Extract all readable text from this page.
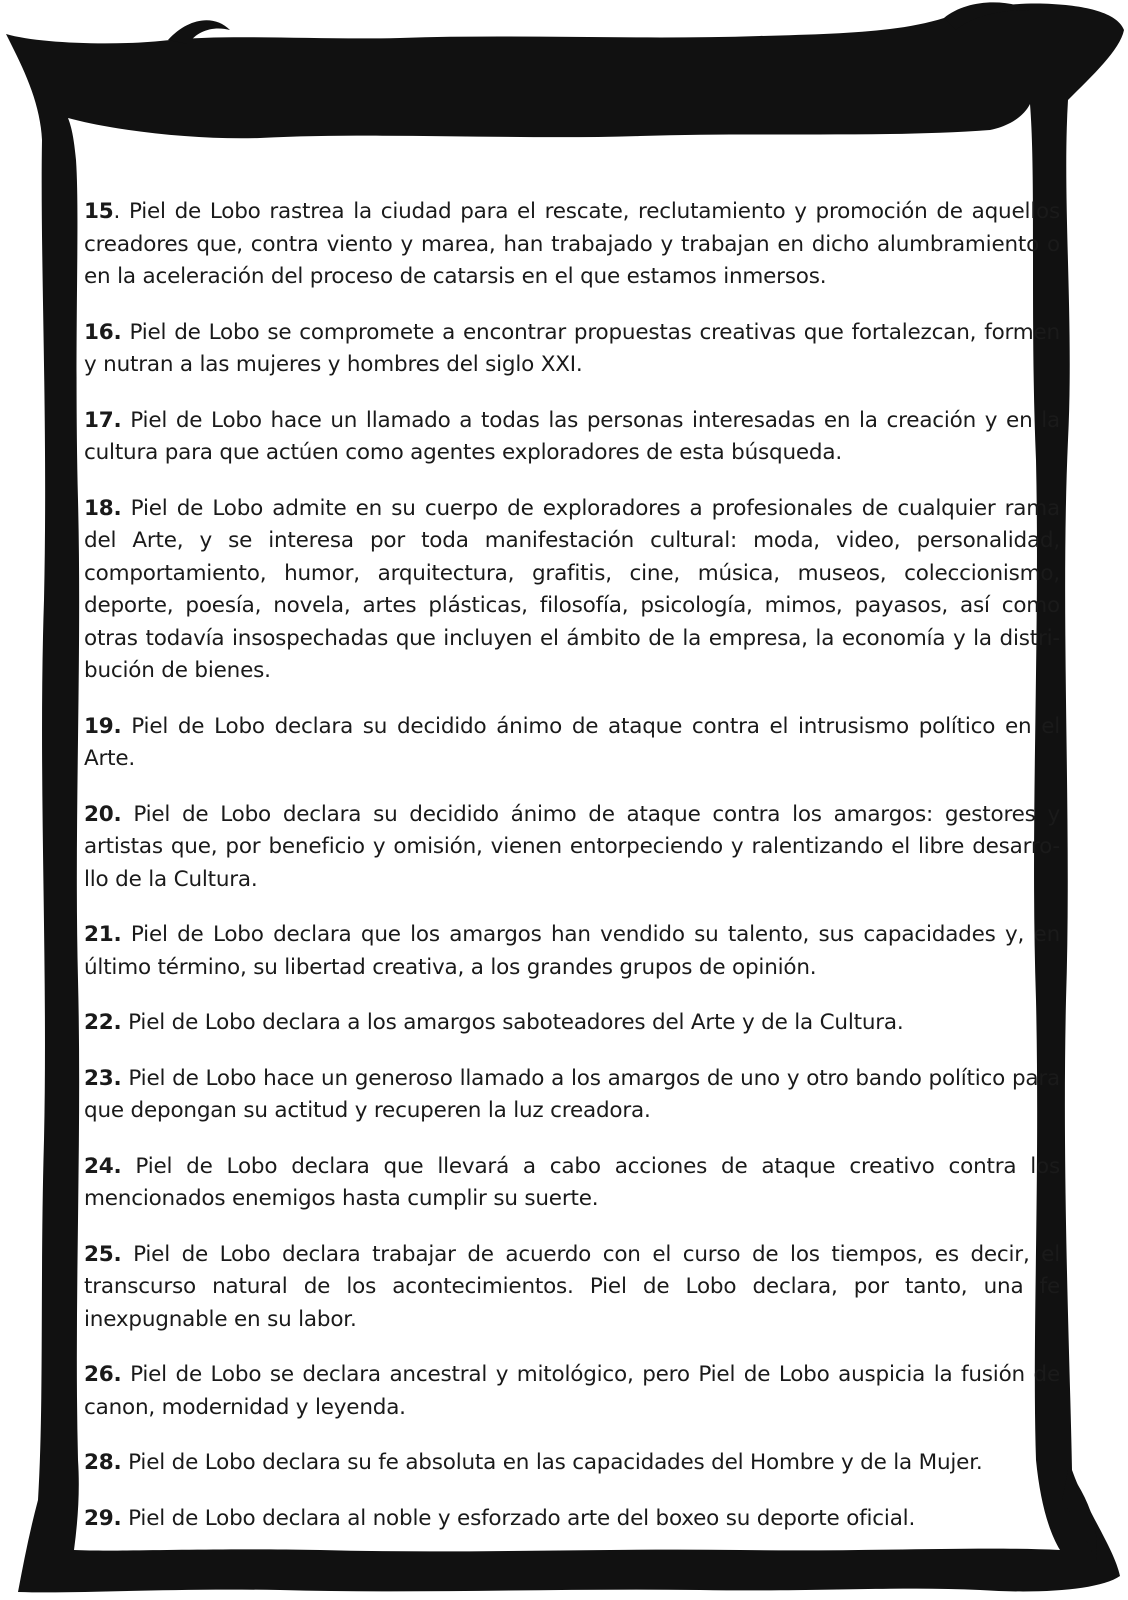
15. Piel de Lobo rastrea la ciudad para el rescate, reclutamiento y promoción de aquellos creadores que, contra viento y marea, han trabajado y trabajan en dicho alumbramiento o en la aceleración del proceso de catarsis en el que estamos inmersos.

16. Piel de Lobo se compromete a encontrar propuestas creativas que fortalezcan, formen y nutran a las mujeres y hombres del siglo XXI.

17. Piel de Lobo hace un llamado a todas las personas interesadas en la creación y en la cultura para que actúen como agentes exploradores de esta búsqueda.

18. Piel de Lobo admite en su cuerpo de exploradores a profesionales de cualquier rama del Arte, y se interesa por toda manifestación cultural: moda, video, personalidad, comportamiento, humor, arquitectura, grafitis, cine, música, museos, coleccionismo, deporte, poesía, novela, artes plásticas, filosofía, psicología, mimos, payasos, así como otras todavía insospechadas que incluyen el ámbito de la empresa, la economía y la distri-bución de bienes.

19. Piel de Lobo declara su decidido ánimo de ataque contra el intrusismo político en el Arte.

20. Piel de Lobo declara su decidido ánimo de ataque contra los amargos: gestores y artistas que, por beneficio y omisión, vienen entorpeciendo y ralentizando el libre desarro-llo de la Cultura.

21. Piel de Lobo declara que los amargos han vendido su talento, sus capacidades y, en último término, su libertad creativa, a los grandes grupos de opinión.

22. Piel de Lobo declara a los amargos saboteadores del Arte y de la Cultura.

23. Piel de Lobo hace un generoso llamado a los amargos de uno y otro bando político para que depongan su actitud y recuperen la luz creadora.

24. Piel de Lobo declara que llevará a cabo acciones de ataque creativo contra los mencionados enemigos hasta cumplir su suerte.

25. Piel de Lobo declara trabajar de acuerdo con el curso de los tiempos, es decir, el transcurso natural de los acontecimientos. Piel de Lobo declara, por tanto, una fe inexpugnable en su labor.

26. Piel de Lobo se declara ancestral y mitológico, pero Piel de Lobo auspicia la fusión de canon, modernidad y leyenda.

28. Piel de Lobo declara su fe absoluta en las capacidades del Hombre y de la Mujer.

29. Piel de Lobo declara al noble y esforzado arte del boxeo su deporte oficial.
